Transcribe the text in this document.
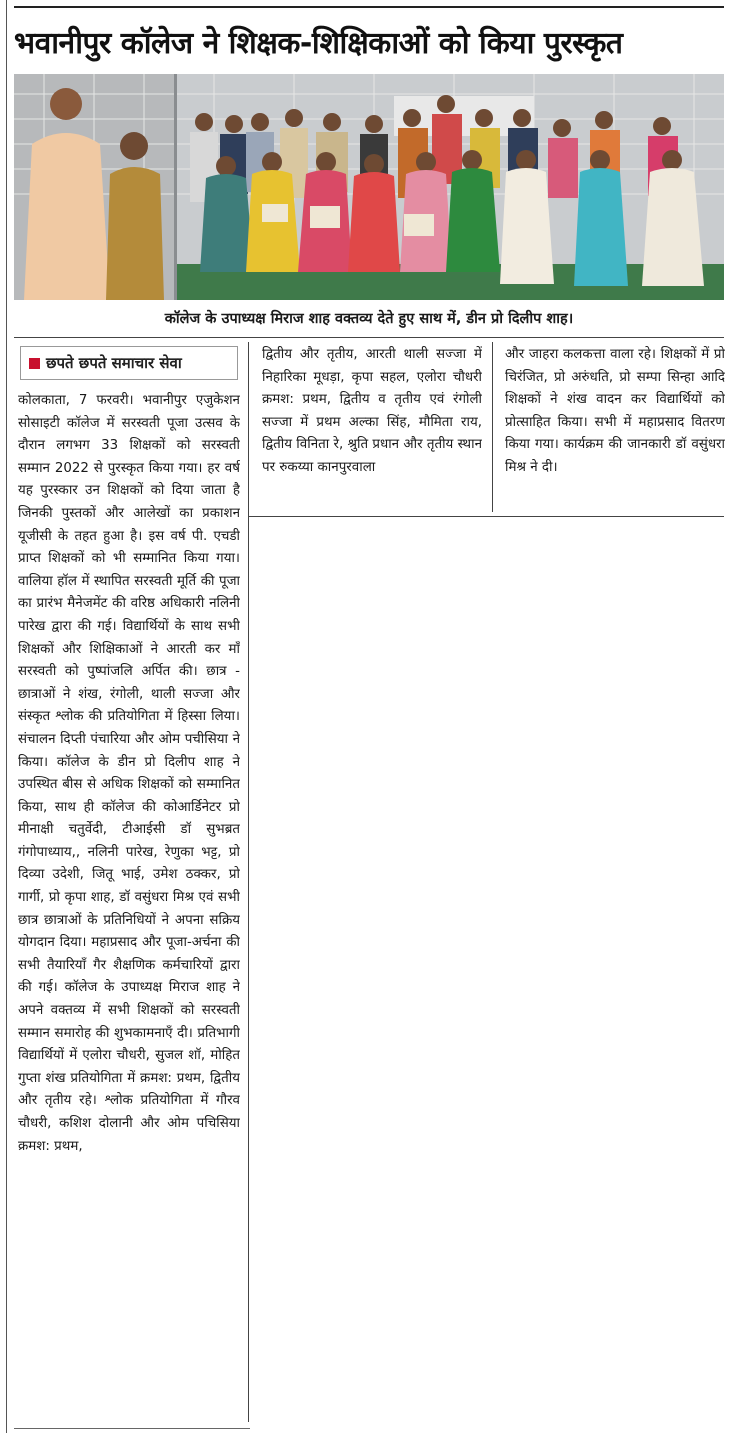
भवानीपुर कॉलेज ने शिक्षक-शिक्षिकाओं को किया पुरस्कृत
कॉलेज के उपाध्यक्ष मिराज शाह वक्तव्य देते हुए साथ में, डीन प्रो दिलीप शाह।
छपते छपते समाचार सेवा

कोलकाता, 7 फरवरी। भवानीपुर एजुकेशन सोसाइटी कॉलेज में सरस्वती पूजा उत्सव के दौरान लगभग 33 शिक्षकों को सरस्वती सम्मान 2022 से पुरस्कृत किया गया। हर वर्ष यह पुरस्कार उन शिक्षकों को दिया जाता है जिनकी पुस्तकों और आलेखों का प्रकाशन यूजीसी के तहत हुआ है। इस वर्ष पी. एचडी प्राप्त शिक्षकों को भी सम्मानित किया गया। वालिया हॉल में स्थापित सरस्वती मूर्ति की पूजा का प्रारंभ मैनेजमेंट की वरिष्ठ अधिकारी नलिनी पारेख द्वारा की गई। विद्यार्थियों के साथ सभी शिक्षकों और शिक्षिकाओं ने आरती कर माँ सरस्वती को पुष्पांजलि अर्पित की। छात्र - छात्राओं ने शंख, रंगोली, थाली सज्जा और संस्कृत श्लोक की प्रतियोगिता में हिस्सा लिया। संचालन दिप्ती पंचारिया और ओम पचीसिया ने किया। कॉलेज के डीन प्रो दिलीप शाह ने उपस्थित बीस से अधिक शिक्षकों को सम्मानित किया, साथ ही कॉलेज की कोआर्डिनेटर प्रो मीनाक्षी चतुर्वेदी, टीआईसी डॉ सुभब्रत गंगोपाध्याय,, नलिनी पारेख, रेणुका भट्ट, प्रो दिव्या उदेशी, जितू भाई, उमेश ठक्कर, प्रो गार्गी, प्रो कृपा शाह, डॉ वसुंधरा मिश्र एवं सभी छात्र छात्राओं के प्रतिनिधियों ने अपना सक्रिय योगदान दिया। महाप्रसाद और पूजा-अर्चना की सभी तैयारियाँ गैर शैक्षणिक कर्मचारियों द्वारा की गई। कॉलेज के उपाध्यक्ष मिराज शाह ने अपने वक्तव्य में सभी शिक्षकों को सरस्वती सम्मान समारोह की शुभकामनाएँ दी। प्रतिभागी विद्यार्थियों में एलोरा चौधरी, सुजल शॉ, मोहित गुप्ता शंख प्रतियोगिता में क्रमश: प्रथम, द्वितीय और तृतीय रहे। श्लोक प्रतियोगिता में गौरव चौधरी, कशिश दोलानी और ओम पचिसिया क्रमश: प्रथम,

द्वितीय और तृतीय, आरती थाली सज्जा में निहारिका मूधड़ा, कृपा सहल, एलोरा चौधरी क्रमश: प्रथम, द्वितीय व तृतीय एवं रंगोली सज्जा में प्रथम अल्का सिंह, मौमिता राय, द्वितीय विनिता रे, श्रुति प्रधान और तृतीय स्थान पर रुकय्या कानपुरवाला

और जाहरा कलकत्ता वाला रहे। शिक्षकों में प्रो चिरंजित, प्रो अरुंधति, प्रो सम्पा सिन्हा आदि शिक्षकों ने शंख वादन कर विद्यार्थियों को प्रोत्साहित किया। सभी में महाप्रसाद वितरण किया गया। कार्यक्रम की जानकारी डॉ वसुंधरा मिश्र ने दी।
